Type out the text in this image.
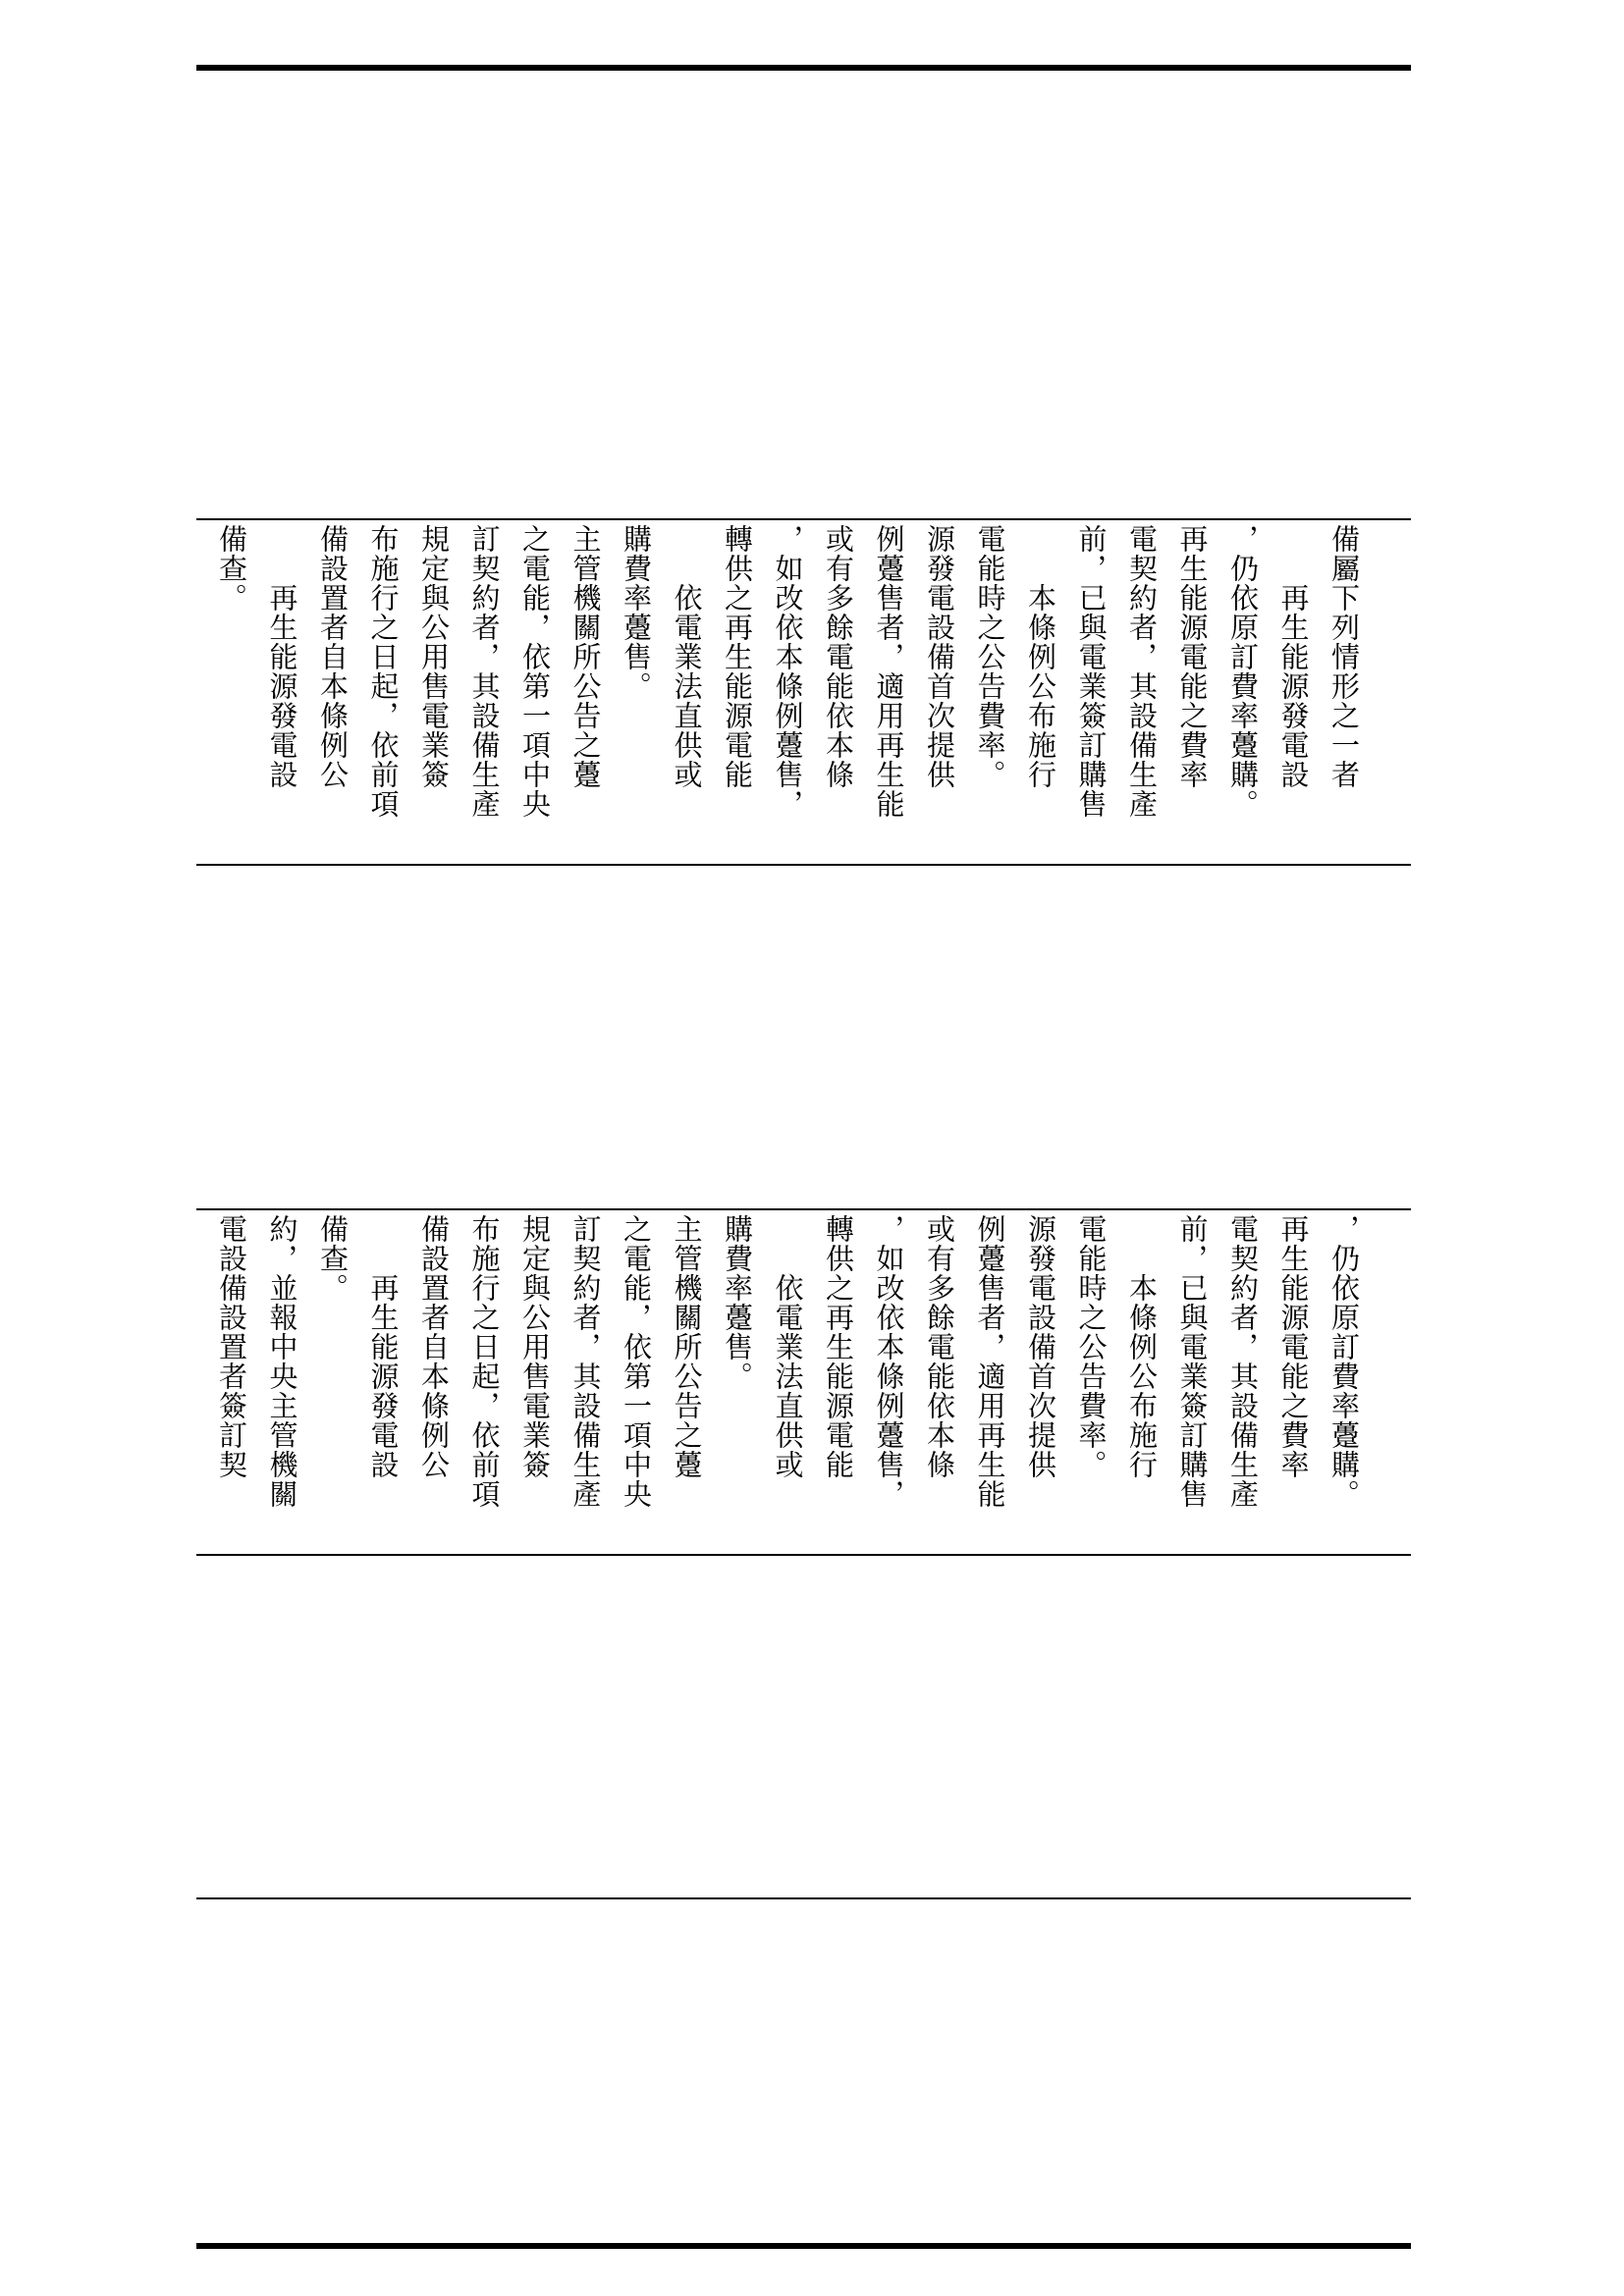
備查。 　　再生能源發電設 備設置者自本條例公 布施行之日起，依前項 規定與公用售電業簽 訂契約者，其設備生產 之電能，依第一項中央 主管機關所公告之躉 購費率躉售。 　　依電業法直供或 轉供之再生能源電能 ，如改依本條例躉售， 或有多餘電能依本條 例躉售者，適用再生能 源發電設備首次提供 電能時之公告費率。 　　本條例公布施行 前，已與電業簽訂購售 電契約者，其設備生產 再生能源電能之費率 ，仍依原訂費率躉購。 　　再生能源發電設 備屬下列情形之一者
電設備設置者簽訂契 約，並報中央主管機關 備查。 　　再生能源發電設 備設置者自本條例公 布施行之日起，依前項 規定與公用售電業簽 訂契約者，其設備生產 之電能，依第一項中央 主管機關所公告之躉 購費率躉售。 　　依電業法直供或 轉供之再生能源電能 ，如改依本條例躉售， 或有多餘電能依本條 例躉售者，適用再生能 源發電設備首次提供 電能時之公告費率。 　　本條例公布施行 前，已與電業簽訂購售 電契約者，其設備生產 再生能源電能之費率 ，仍依原訂費率躉購。
